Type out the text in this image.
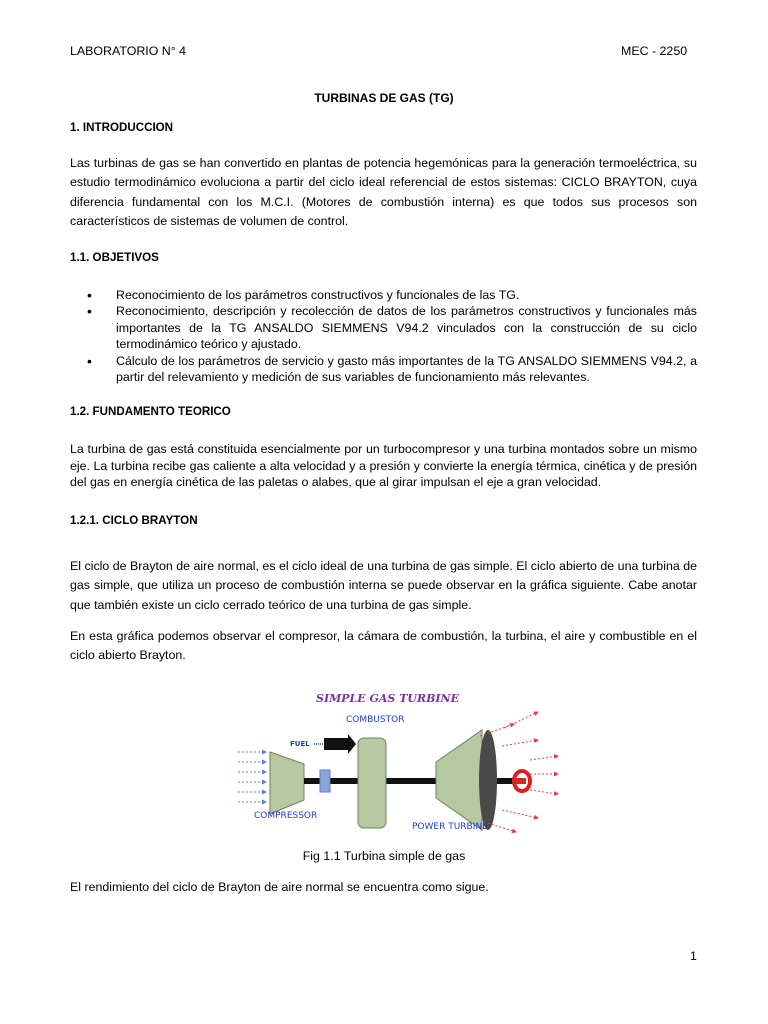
LABORATORIO N° 4	MEC - 2250
TURBINAS DE GAS (TG)
1. INTRODUCCION
Las turbinas de gas se han convertido en plantas de potencia hegemónicas para la generación termoeléctrica, su estudio termodinámico evoluciona a partir del ciclo ideal referencial de estos sistemas: CICLO BRAYTON, cuya diferencia fundamental con los M.C.I. (Motores de combustión interna) es que todos sus procesos son característicos de sistemas de volumen de control.
1.1. OBJETIVOS
• Reconocimiento de los parámetros constructivos y funcionales de las TG.
• Reconocimiento, descripción y recolección de datos de los parámetros constructivos y funcionales más importantes de la TG ANSALDO SIEMMENS V94.2 vinculados con la construcción de su ciclo termodinámico teórico y ajustado.
• Cálculo de los parámetros de servicio y gasto más importantes de la TG ANSALDO SIEMMENS V94.2, a partir del relevamiento y medición de sus variables de funcionamiento más relevantes.
1.2. FUNDAMENTO TEORICO
La turbina de gas está constituida esencialmente por un turbocompresor y una turbina montados sobre un mismo eje. La turbina recibe gas caliente a alta velocidad y a presión y convierte la energía térmica, cinética y de presión del gas en energía cinética de las paletas o alabes, que al girar impulsan el eje a gran velocidad.
1.2.1. CICLO BRAYTON
El ciclo de Brayton de aire normal, es el ciclo ideal de una turbina de gas simple. El ciclo abierto de una turbina de gas simple, que utiliza un proceso de combustión interna se puede observar en la gráfica siguiente. Cabe anotar que también existe un ciclo cerrado teórico de una turbina de gas simple.
En esta gráfica podemos observar el compresor, la cámara de combustión, la turbina, el aire y combustible en el ciclo abierto Brayton.
SIMPLE GAS TURBINE
COMBUSTOR
FUEL
COMPRESSOR
POWER TURBINE
Fig 1.1 Turbina simple de gas
El rendimiento del ciclo de Brayton de aire normal se encuentra como sigue.
1
